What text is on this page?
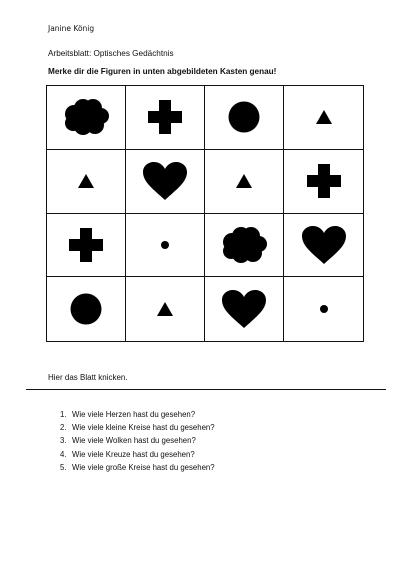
Janine König
Arbeitsblatt: Optisches Gedächtnis
Merke dir die Figuren in unten abgebildeten Kasten genau!
Hier das Blatt knicken.
1. Wie viele Herzen hast du gesehen?
2. Wie viele kleine Kreise hast du gesehen?
3. Wie viele Wolken hast du gesehen?
4. Wie viele Kreuze hast du gesehen?
5. Wie viele große Kreise hast du gesehen?
